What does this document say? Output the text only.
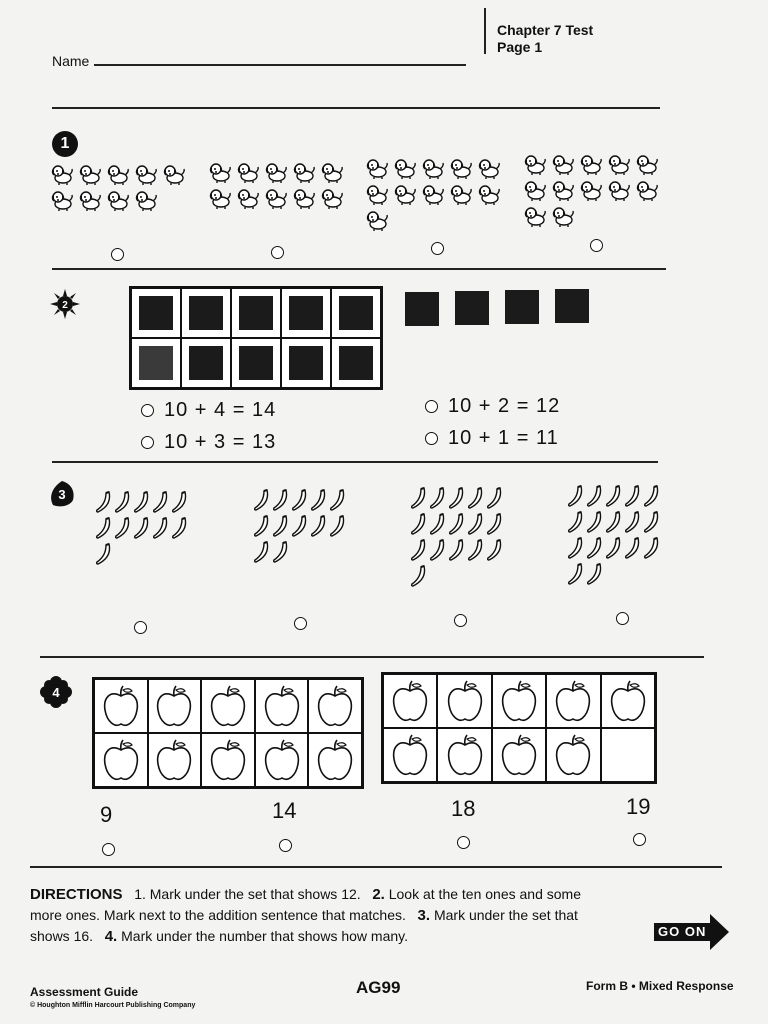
Chapter 7 Test
Page 1
Name
1
2
10 + 4 = 14
10 + 3 = 13
10 + 2 = 12
10 + 1 = 11
3
4
9	14	18	19
DIRECTIONS 1. Mark under the set that shows 12. 2. Look at the ten ones and some more ones. Mark next to the addition sentence that matches. 3. Mark under the set that shows 16. 4. Mark under the number that shows how many.	GO ON
Assessment Guide
© Houghton Mifflin Harcourt Publishing Company
AG99	Form B • Mixed Response
